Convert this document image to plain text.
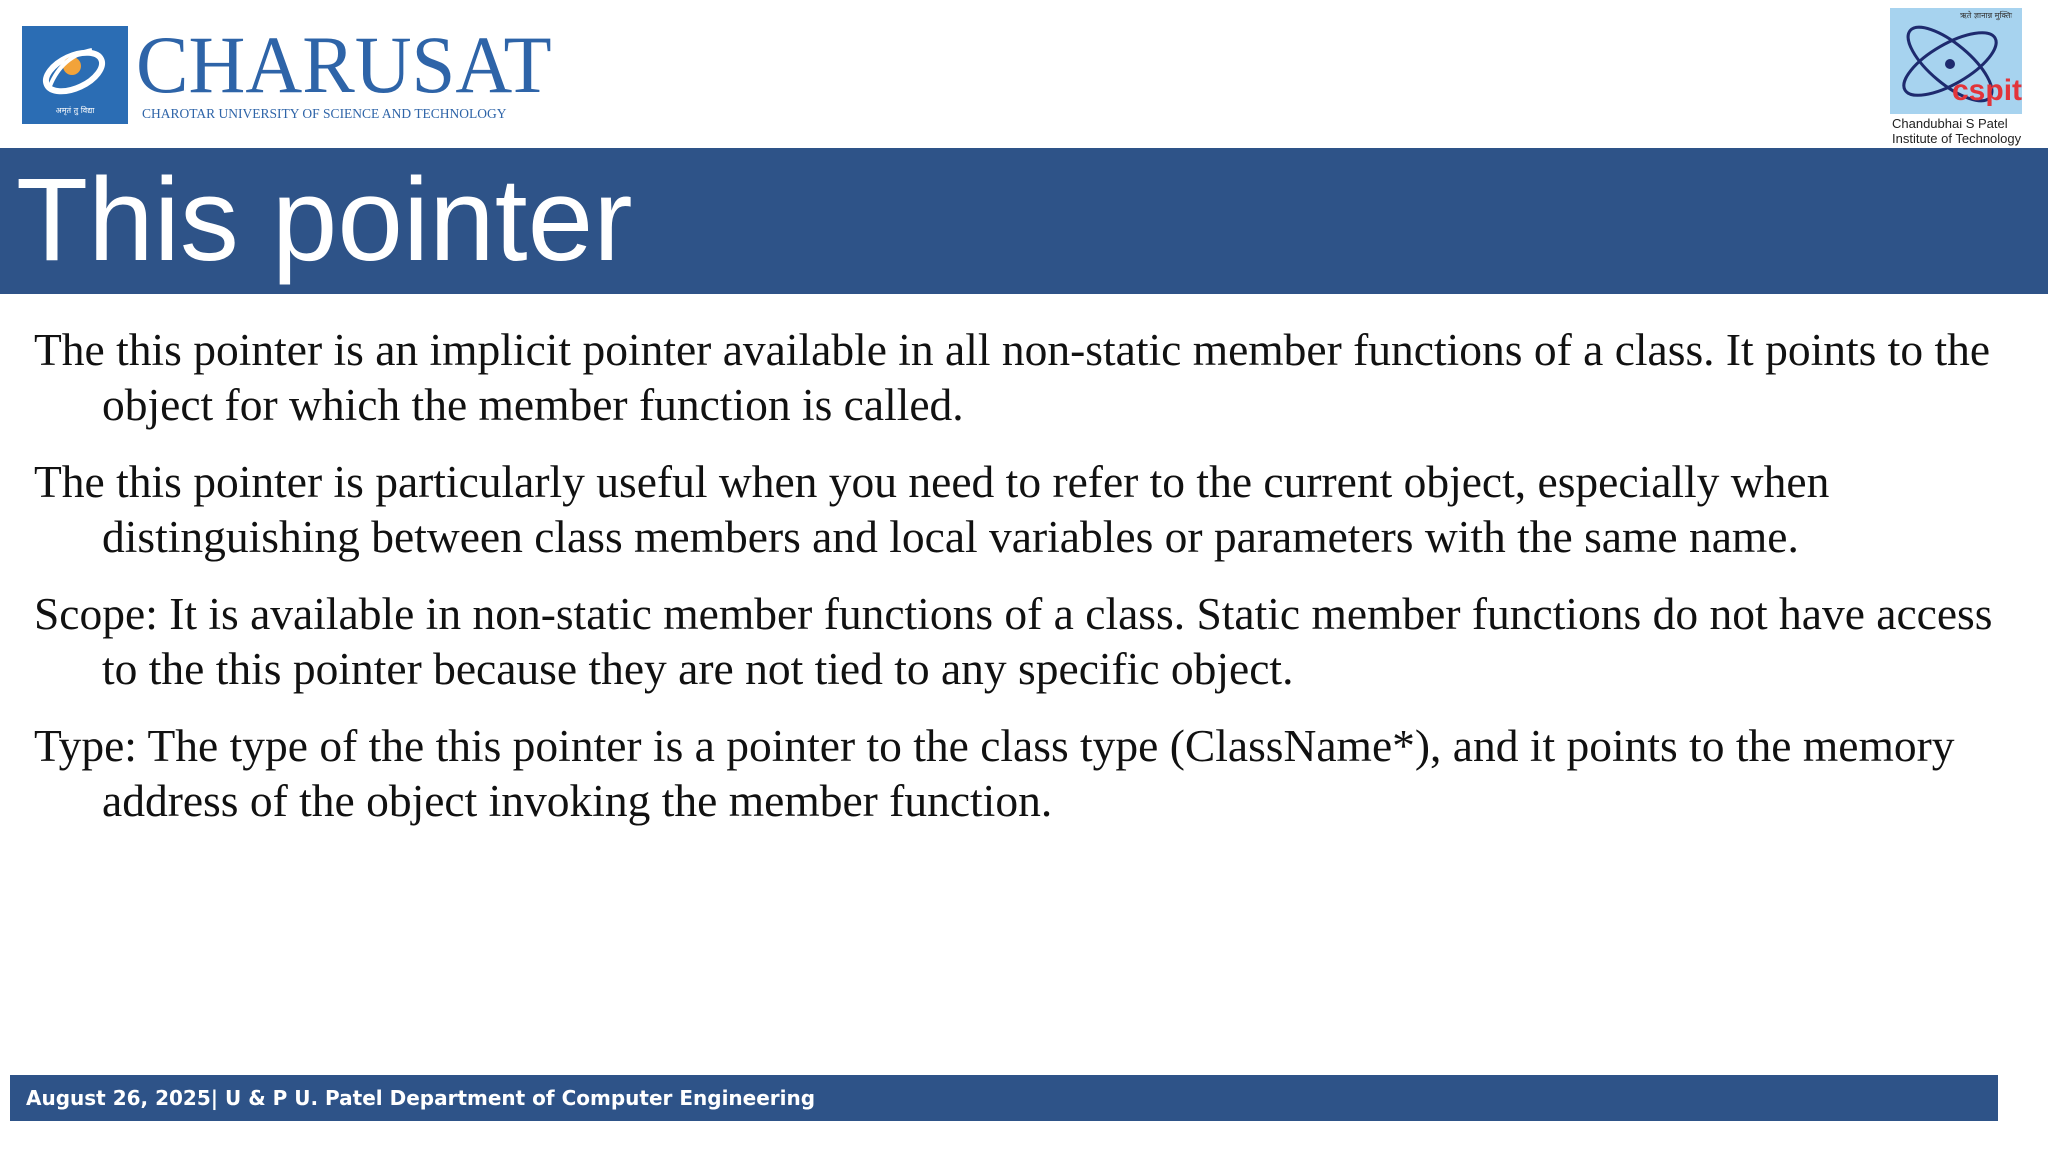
अमृतं तु विद्या
CHARUSAT
CHAROTAR UNIVERSITY OF SCIENCE AND TECHNOLOGY
ऋते ज्ञानान्न मुक्तिः
cspit
Chandubhai S Patel
Institute of Technology
This pointer

The this pointer is an implicit pointer available in all non-static member functions of a class. It points to the object for which the member function is called.

The this pointer is particularly useful when you need to refer to the current object, especially when distinguishing between class members and local variables or parameters with the same name.

Scope: It is available in non-static member functions of a class. Static member functions do not have access to the this pointer because they are not tied to any specific object.

Type: The type of the this pointer is a pointer to the class type (ClassName*), and it points to the memory address of the object invoking the member function.

August 26, 2025| U & P U. Patel Department of Computer Engineering
